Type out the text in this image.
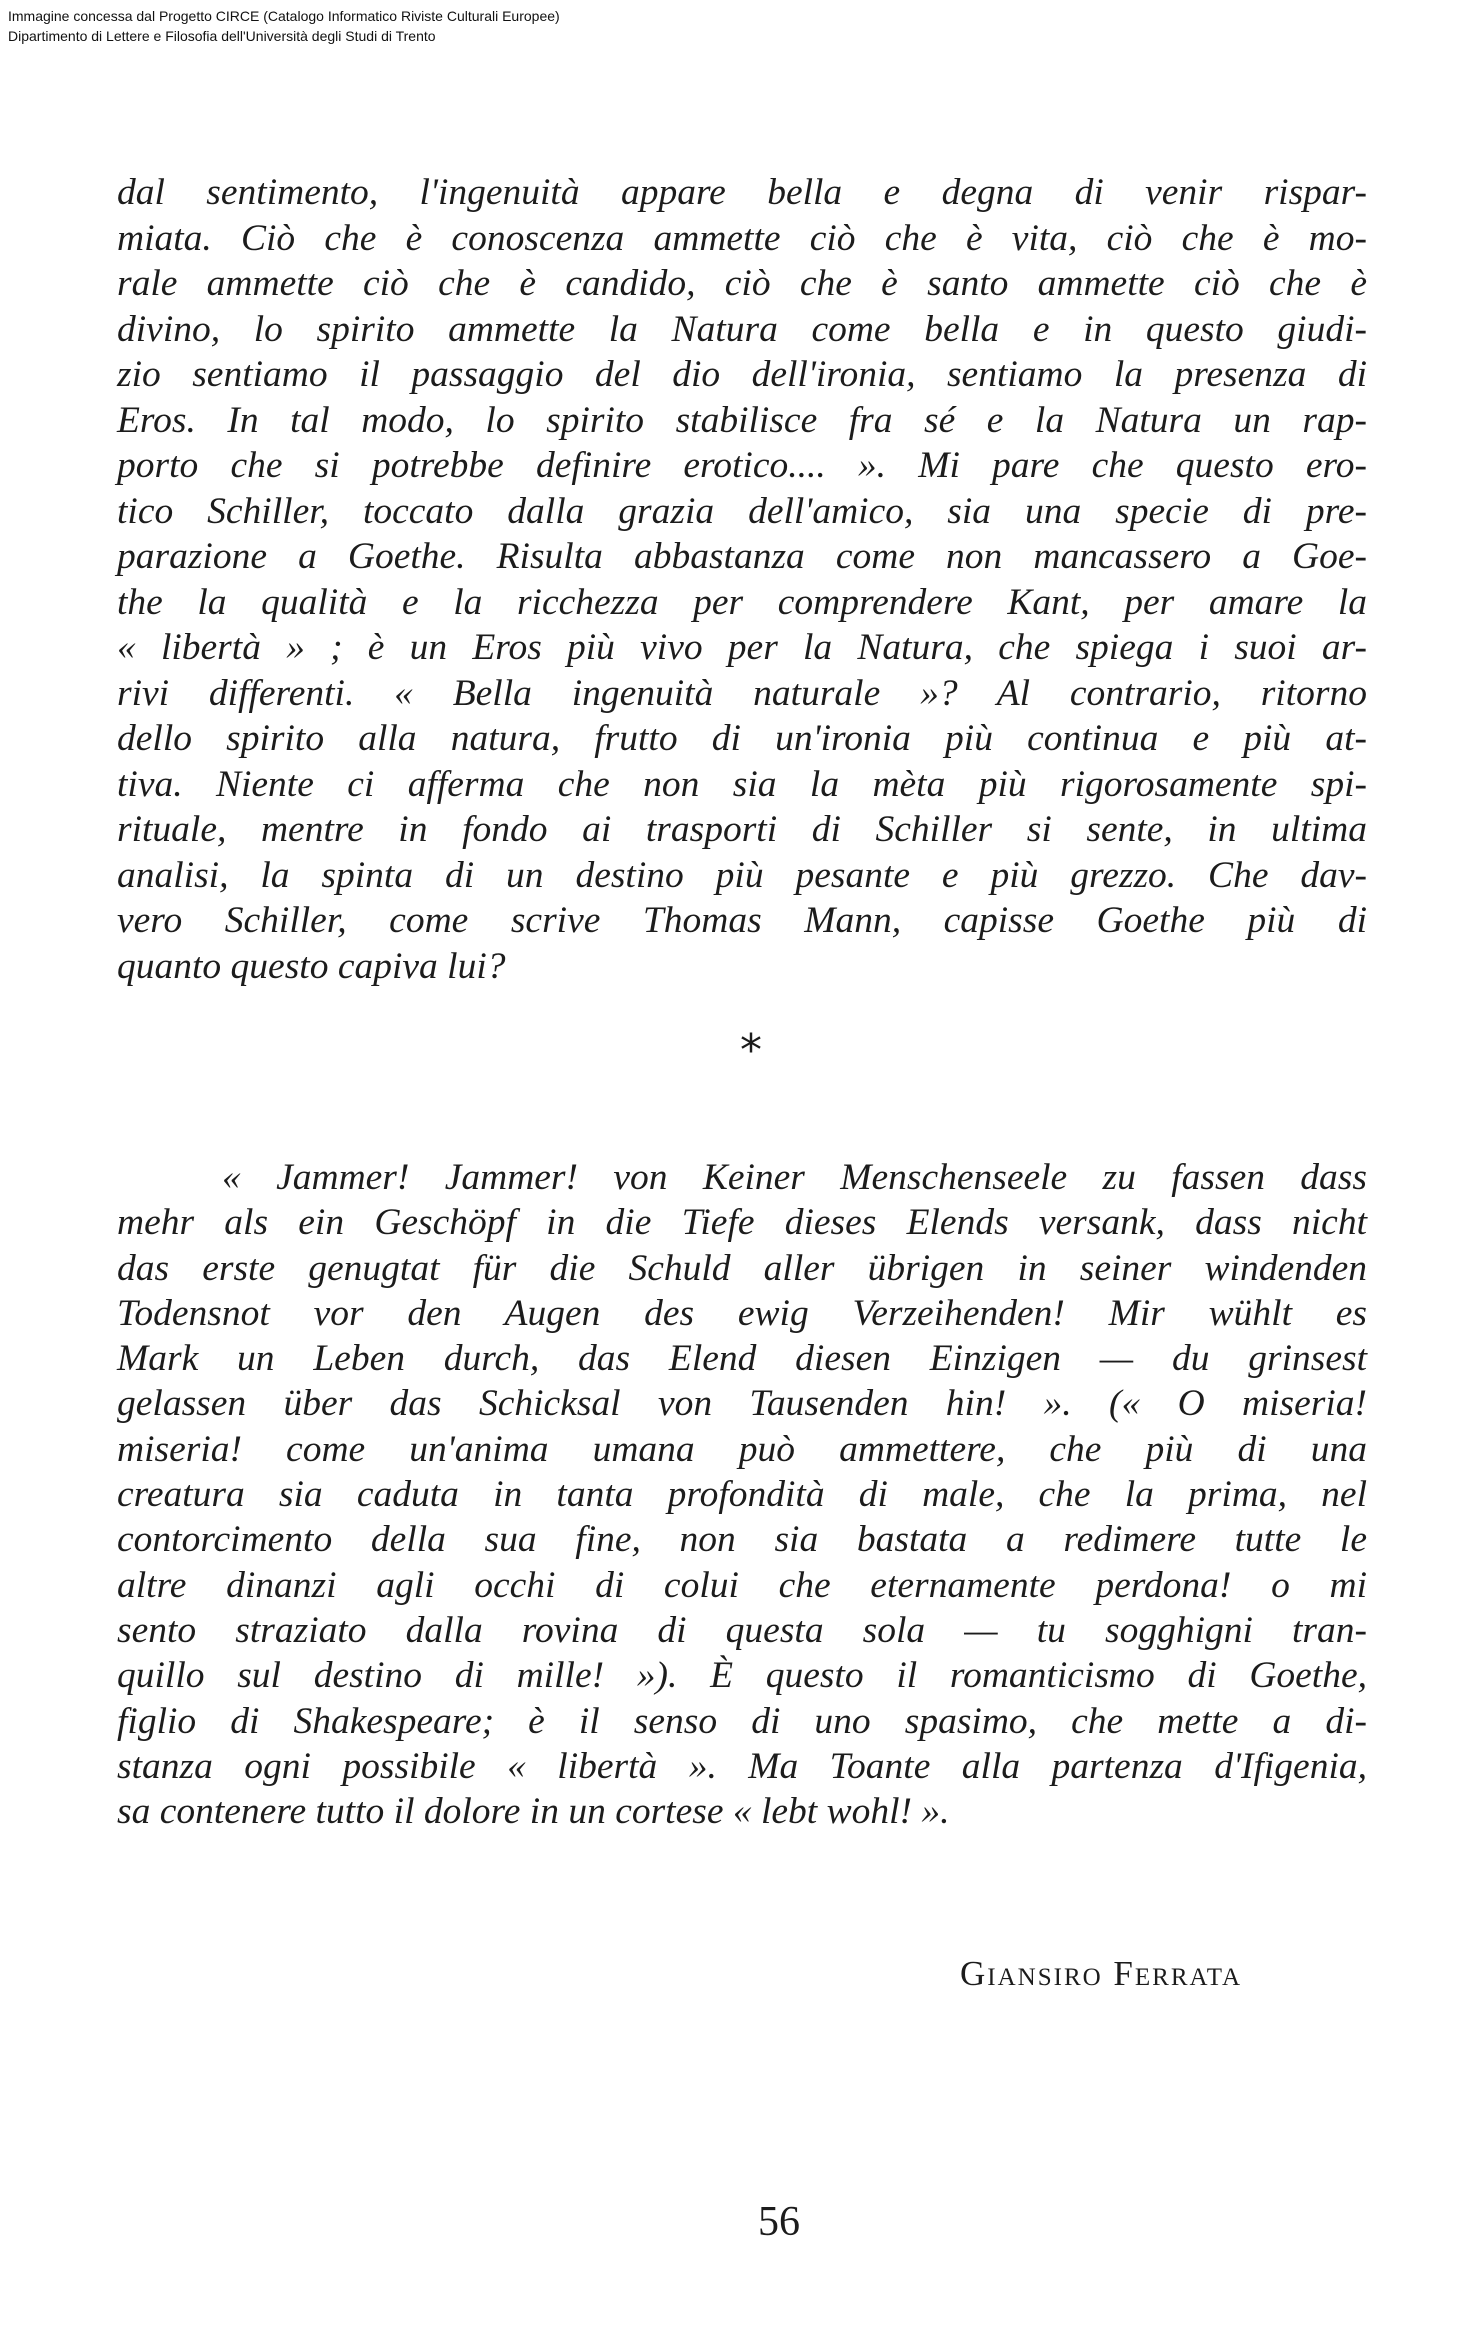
Immagine concessa dal Progetto CIRCE (Catalogo Informatico Riviste Culturali Europee)
Dipartimento di Lettere e Filosofia dell'Università degli Studi di Trento

dal sentimento, l'ingenuità appare bella e degna di venir rispar-
miata. Ciò che è conoscenza ammette ciò che è vita, ciò che è mo-
rale ammette ciò che è candido, ciò che è santo ammette ciò che è
divino, lo spirito ammette la Natura come bella e in questo giudi-
zio sentiamo il passaggio del dio dell'ironia, sentiamo la presenza di
Eros. In tal modo, lo spirito stabilisce fra sé e la Natura un rap-
porto che si potrebbe definire erotico.... ». Mi pare che questo ero-
tico Schiller, toccato dalla grazia dell'amico, sia una specie di pre-
parazione a Goethe. Risulta abbastanza come non mancassero a Goe-
the la qualità e la ricchezza per comprendere Kant, per amare la
« libertà » ; è un Eros più vivo per la Natura, che spiega i suoi ar-
rivi differenti. « Bella ingenuità naturale »? Al contrario, ritorno
dello spirito alla natura, frutto di un'ironia più continua e più at-
tiva. Niente ci afferma che non sia la mèta più rigorosamente spi-
rituale, mentre in fondo ai trasporti di Schiller si sente, in ultima
analisi, la spinta di un destino più pesante e più grezzo. Che dav-
vero Schiller, come scrive Thomas Mann, capisse Goethe più di
quanto questo capiva lui?

*

« Jammer! Jammer! von Keiner Menschenseele zu fassen dass
mehr als ein Geschöpf in die Tiefe dieses Elends versank, dass nicht
das erste genugtat für die Schuld aller übrigen in seiner windenden
Todensnot vor den Augen des ewig Verzeihenden! Mir wühlt es
Mark un Leben durch, das Elend diesen Einzigen — du grinsest
gelassen über das Schicksal von Tausenden hin! ». (« O miseria!
miseria! come un'anima umana può ammettere, che più di una
creatura sia caduta in tanta profondità di male, che la prima, nel
contorcimento della sua fine, non sia bastata a redimere tutte le
altre dinanzi agli occhi di colui che eternamente perdona! o mi
sento straziato dalla rovina di questa sola — tu sogghigni tran-
quillo sul destino di mille! »). È questo il romanticismo di Goethe,
figlio di Shakespeare; è il senso di uno spasimo, che mette a di-
stanza ogni possibile « libertà ». Ma Toante alla partenza d'Ifigenia,
sa contenere tutto il dolore in un cortese « lebt wohl! ».

Giansiro Ferrata
56
